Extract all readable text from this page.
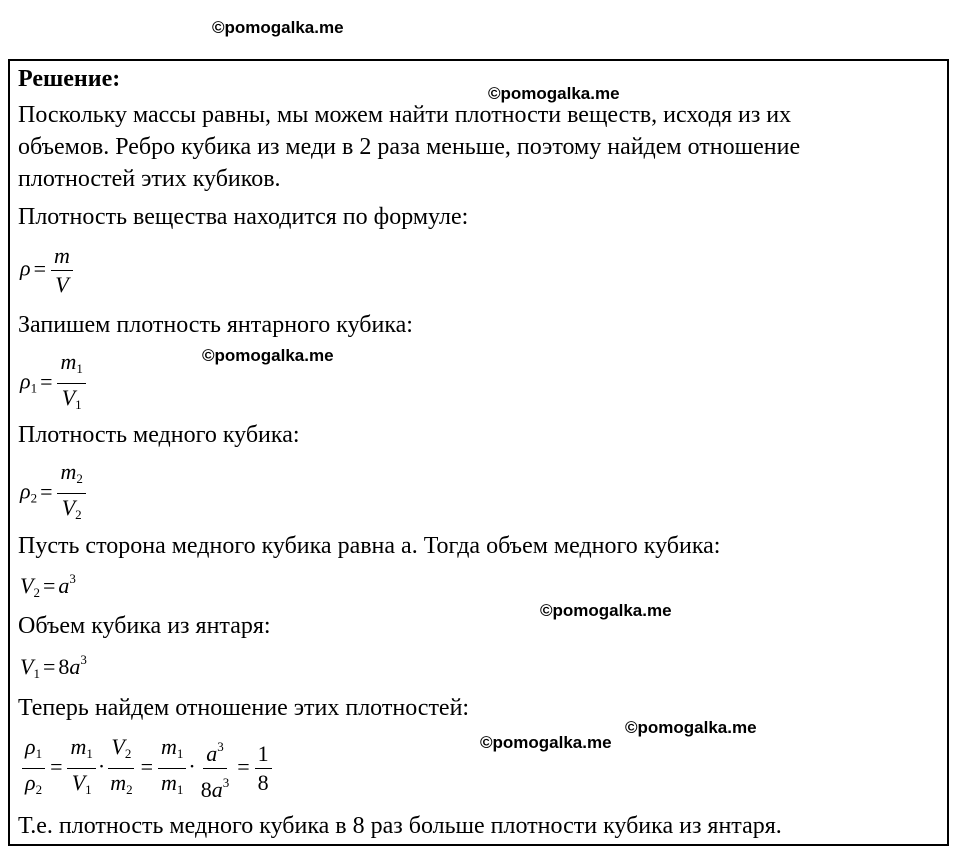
©pomogalka.me
©pomogalka.me
©pomogalka.me
©pomogalka.me
©pomogalka.me
©pomogalka.me
Решение:
Поскольку массы равны, мы можем найти плотности веществ, исходя из их
объемов. Ребро кубика из меди в 2 раза меньше, поэтому найдем отношение
плотностей этих кубиков.
Плотность вещества находится по формуле:
$\rho = \frac{m}{V}$
Запишем плотность янтарного кубика:
$\rho_1 = \frac{m_1}{V_1}$
Плотность медного кубика:
$\rho_2 = \frac{m_2}{V_2}$
Пусть сторона медного кубика равна а. Тогда объем медного кубика:
$V_2 = a^3$
Объем кубика из янтаря:
$V_1 = 8a^3$
Теперь найдем отношение этих плотностей:
$\frac{\rho_1}{\rho_2} = \frac{m_1}{V_1} \cdot \frac{V_2}{m_2} = \frac{m_1}{m_1} \cdot \frac{a^3}{8a^3} = \frac{1}{8}$
Т.е. плотность медного кубика в 8 раз больше плотности кубика из янтаря.
